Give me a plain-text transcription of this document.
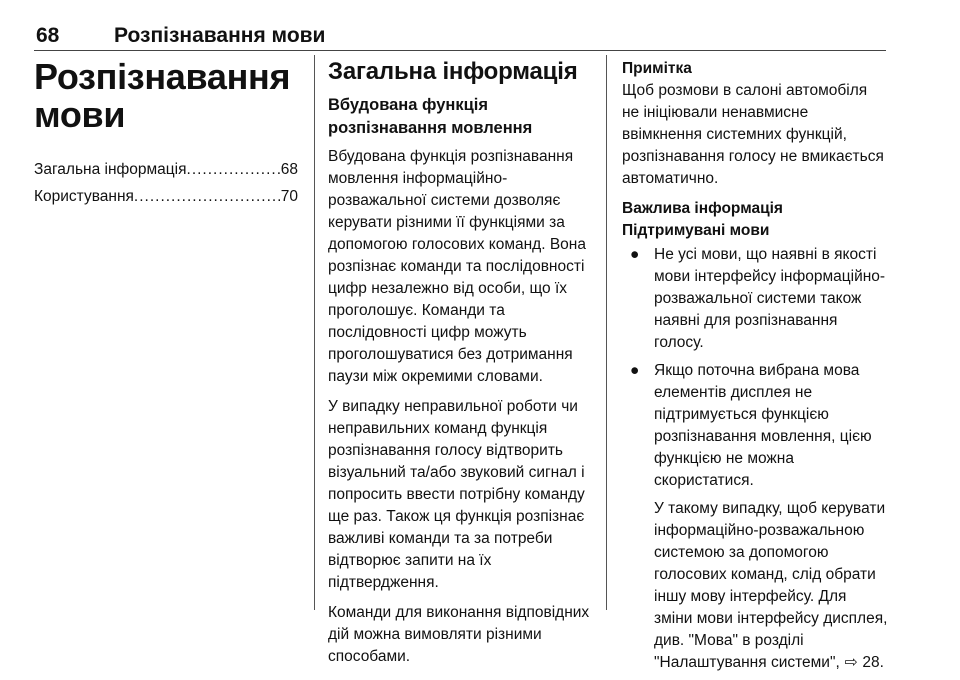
68	Розпізнавання мови
Розпізнавання мови
Загальна інформація .....	68
Користування .....	70
Загальна інформація
Вбудована функція розпізнавання мовлення

Вбудована функція розпізнавання мовлення інформаційно-розважальної системи дозволяє керувати різними її функціями за допомогою голосових команд. Вона розпізнає команди та послідовності цифр незалежно від особи, що їх проголошує. Команди та послідовності цифр можуть проголошуватися без дотримання паузи між окремими словами.

У випадку неправильної роботи чи неправильних команд функція розпізнавання голосу відтворить візуальний та/або звуковий сигнал і попросить ввести потрібну команду ще раз. Також ця функція розпізнає важливі команди та за потреби відтворює запити на їх підтвердження.

Команди для виконання відповідних дій можна вимовляти різними способами.

Примітка

Щоб розмови в салоні автомобіля не ініціювали ненавмисне ввімкнення системних функцій, розпізнавання голосу не вмикається автоматично.

Важлива інформація

Підтримувані мови

● Не усі мови, що наявні в якості мови інтерфейсу інформаційно-розважальної системи також наявні для розпізнавання голосу.
● Якщо поточна вибрана мова елементів дисплея не підтримується функцією розпізнавання мовлення, цією функцією не можна скористатися.
У такому випадку, щоб керувати інформаційно-розважальною системою за допомогою голосових команд, слід обрати іншу мову інтерфейсу. Для зміни мови інтерфейсу дисплея, див. "Мова" в розділі "Налаштування системи", ⇨ 28.
